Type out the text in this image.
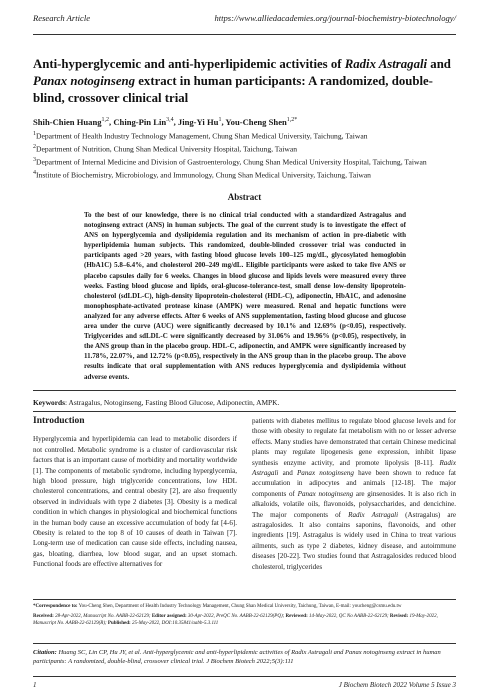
Research Article	https://www.alliedacademies.org/journal-biochemistry-biotechnology/
Anti-hyperglycemic and anti-hyperlipidemic activities of Radix Astragali and Panax notoginseng extract in human participants: A randomized, double-blind, crossover clinical trial
Shih-Chien Huang$^{1,2}$, Ching-Pin Lin$^{3,4}$, Jing-Yi Hu$^1$, You-Cheng Shen$^{1,2*}$
$^1$Department of Health Industry Technology Management, Chung Shan Medical University, Taichung, Taiwan
$^2$Department of Nutrition, Chung Shan Medical University Hospital, Taichung, Taiwan
$^3$Department of Internal Medicine and Division of Gastroenterology, Chung Shan Medical University Hospital, Taichung, Taiwan
$^4$Institute of Biochemistry, Microbiology, and Immunology, Chung Shan Medical University, Taichung, Taiwan
Abstract

To the best of our knowledge, there is no clinical trial conducted with a standardized Astragalus and notoginseng extract (ANS) in human subjects. The goal of the current study is to investigate the effect of ANS on hyperglycemia and dyslipidemia regulation and its mechanism of action in pre-diabetic with hyperlipidemia human subjects. This randomized, double-blinded crossover trial was conducted in participants aged >20 years, with fasting blood glucose levels 100–125 mg/dL, glycosylated hemoglobin (HbA1C) 5.8–6.4%, and cholesterol 200–249 mg/dL. Eligible participants were asked to take five ANS or placebo capsules daily for 6 weeks. Changes in blood glucose and lipids levels were measured every three weeks. Fasting blood glucose and lipids, oral-glucose-tolerance-test, small dense low-density lipoprotein-cholesterol (sdLDL-C), high-density lipoprotein-cholesterol (HDL-C), adiponectin, HbA1C, and adenosine monophosphate-activated protease kinase (AMPK) were measured. Renal and hepatic functions were analyzed for any adverse effects. After 6 weeks of ANS supplementation, fasting blood glucose and glucose area under the curve (AUC) were significantly decreased by 10.1% and 12.69% (p<0.05), respectively. Triglycerides and sdLDL-C were significantly decreased by 31.06% and 19.96% (p<0.05), respectively, in the ANS group than in the placebo group. HDL-C, adiponectin, and AMPK were significantly increased by 11.78%, 22.07%, and 12.72% (p<0.05), respectively in the ANS group than in the placebo group. The above results indicate that oral supplementation with ANS reduces hyperglycemia and dyslipidemia without adverse events.

Keywords: Astragalus, Notoginseng, Fasting Blood Glucose, Adiponectin, AMPK.
Introduction

Hyperglycemia and hyperlipidemia can lead to metabolic disorders if not controlled. Metabolic syndrome is a cluster of cardiovascular risk factors that is an important cause of morbidity and mortality worldwide [1]. The components of metabolic syndrome, including hyperglycemia, high blood pressure, high triglyceride concentrations, low HDL cholesterol concentrations, and central obesity [2], are also frequently observed in individuals with type 2 diabetes [3]. Obesity is a medical condition in which changes in physiological and biochemical functions in the human body cause an excessive accumulation of body fat [4-6]. Obesity is related to the top 8 of 10 causes of death in Taiwan [7]. Long-term use of medication can cause side effects, including nausea, gas, bloating, diarrhea, low blood sugar, and an upset stomach. Functional foods are effective alternatives for

patients with diabetes mellitus to regulate blood glucose levels and for those with obesity to regulate fat metabolism with no or lesser adverse effects. Many studies have demonstrated that certain Chinese medicinal plants may regulate lipogenesis gene expression, inhibit lipase synthesis enzyme activity, and promote lipolysis [8-11]. Radix Astragali and Panax notoginseng have been shown to reduce fat accumulation in adipocytes and animals [12-18]. The major components of Panax notoginseng are ginsenosides. It is also rich in alkaloids, volatile oils, flavonoids, polysaccharides, and dencichine. The major components of Radix Astragali (Astragalus) are astragalosides. It also contains saponins, flavonoids, and other ingredients [19]. Astragalus is widely used in China to treat various ailments, such as type 2 diabetes, kidney disease, and autoimmune diseases [20-22]. Two studies found that Astragalosides reduced blood cholesterol, triglycerides

*Correspondence to: You-Cheng Shen, Department of Health Industry Technology Management, Chung Shan Medical University, Taichung, Taiwan, E-mail: youcheng@csmu.edu.tw
Received: 28-Apr-2022, Manuscript No. AABB-22-62129; Editor assigned: 30-Apr-2022, PreQC No. AABB-22-62129(PQ); Reviewed: 14-May-2022, QC No AABB-22-62129; Revised: 19-May-2022, Manuscript No. AABB-22-62129(R); Published: 25-May-2022, DOI:10.35841/aabb-5.3.111
Citation: Huang SC, Lin CP, Hu JY, et al. Anti-hyperglycemic and anti-hyperlipidemic activities of Radix Astragali and Panax notoginseng extract in human participants: A randomized, double-blind, crossover clinical trial. J Biochem Biotech 2022;5(3):111
1	J Biochem Biotech 2022 Volume 5 Issue 3
